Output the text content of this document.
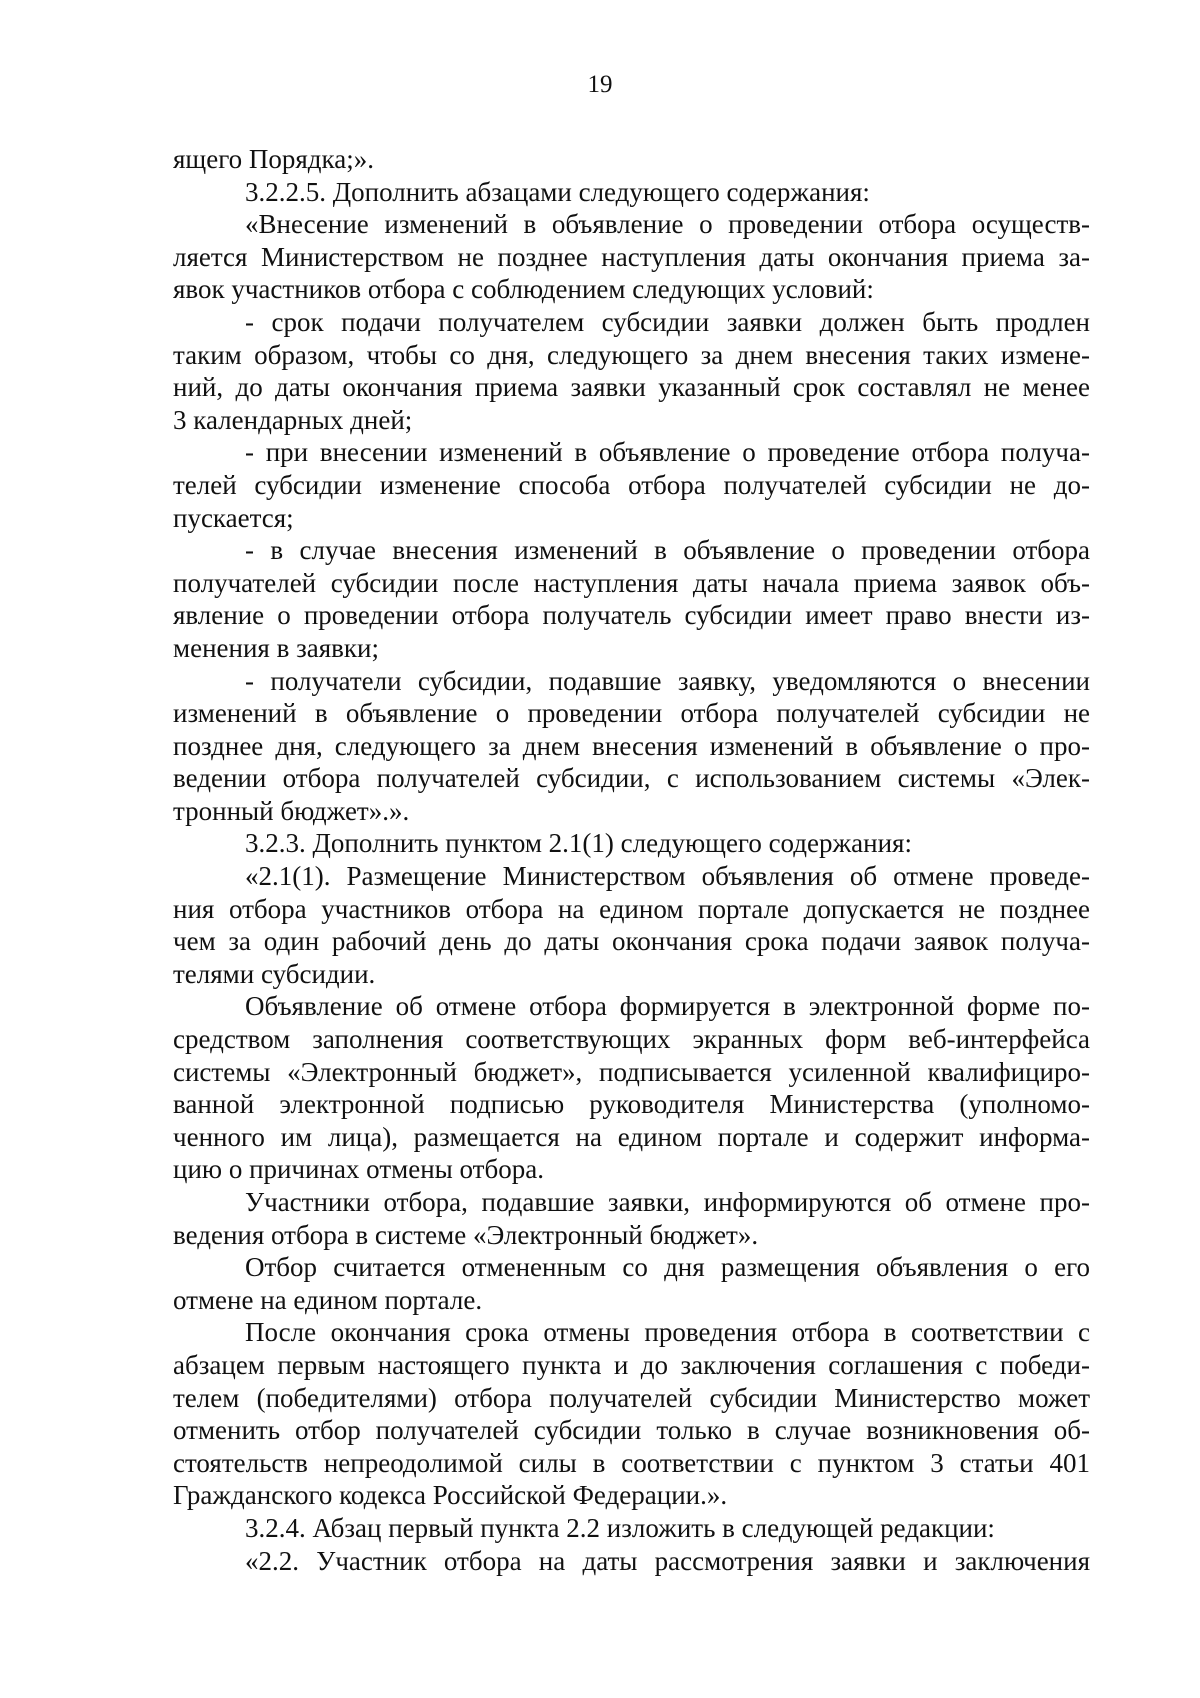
19
ящего Порядка;».
3.2.2.5. Дополнить абзацами следующего содержания:
«Внесение изменений в объявление о проведении отбора осуществ-
ляется Министерством не позднее наступления даты окончания приема за-
явок участников отбора с соблюдением следующих условий:
- срок подачи получателем субсидии заявки должен быть продлен
таким образом, чтобы со дня, следующего за днем внесения таких измене-
ний, до даты окончания приема заявки указанный срок составлял не менее
3 календарных дней;
- при внесении изменений в объявление о проведение отбора получа-
телей субсидии изменение способа отбора получателей субсидии не до-
пускается;
- в случае внесения изменений в объявление о проведении отбора
получателей субсидии после наступления даты начала приема заявок объ-
явление о проведении отбора получатель субсидии имеет право внести из-
менения в заявки;
- получатели субсидии, подавшие заявку, уведомляются о внесении
изменений в объявление о проведении отбора получателей субсидии не
позднее дня, следующего за днем внесения изменений в объявление о про-
ведении отбора получателей субсидии, с использованием системы «Элек-
тронный бюджет».».
3.2.3. Дополнить пунктом 2.1(1) следующего содержания:
«2.1(1). Размещение Министерством объявления об отмене проведе-
ния отбора участников отбора на едином портале допускается не позднее
чем за один рабочий день до даты окончания срока подачи заявок получа-
телями субсидии.
Объявление об отмене отбора формируется в электронной форме по-
средством заполнения соответствующих экранных форм веб-интерфейса
системы «Электронный бюджет», подписывается усиленной квалифициро-
ванной электронной подписью руководителя Министерства (уполномо-
ченного им лица), размещается на едином портале и содержит информа-
цию о причинах отмены отбора.
Участники отбора, подавшие заявки, информируются об отмене про-
ведения отбора в системе «Электронный бюджет».
Отбор считается отмененным со дня размещения объявления о его
отмене на едином портале.
После окончания срока отмены проведения отбора в соответствии с
абзацем первым настоящего пункта и до заключения соглашения с победи-
телем (победителями) отбора получателей субсидии Министерство может
отменить отбор получателей субсидии только в случае возникновения об-
стоятельств непреодолимой силы в соответствии с пунктом 3 статьи 401
Гражданского кодекса Российской Федерации.».
3.2.4. Абзац первый пункта 2.2 изложить в следующей редакции:
«2.2. Участник отбора на даты рассмотрения заявки и заключения
